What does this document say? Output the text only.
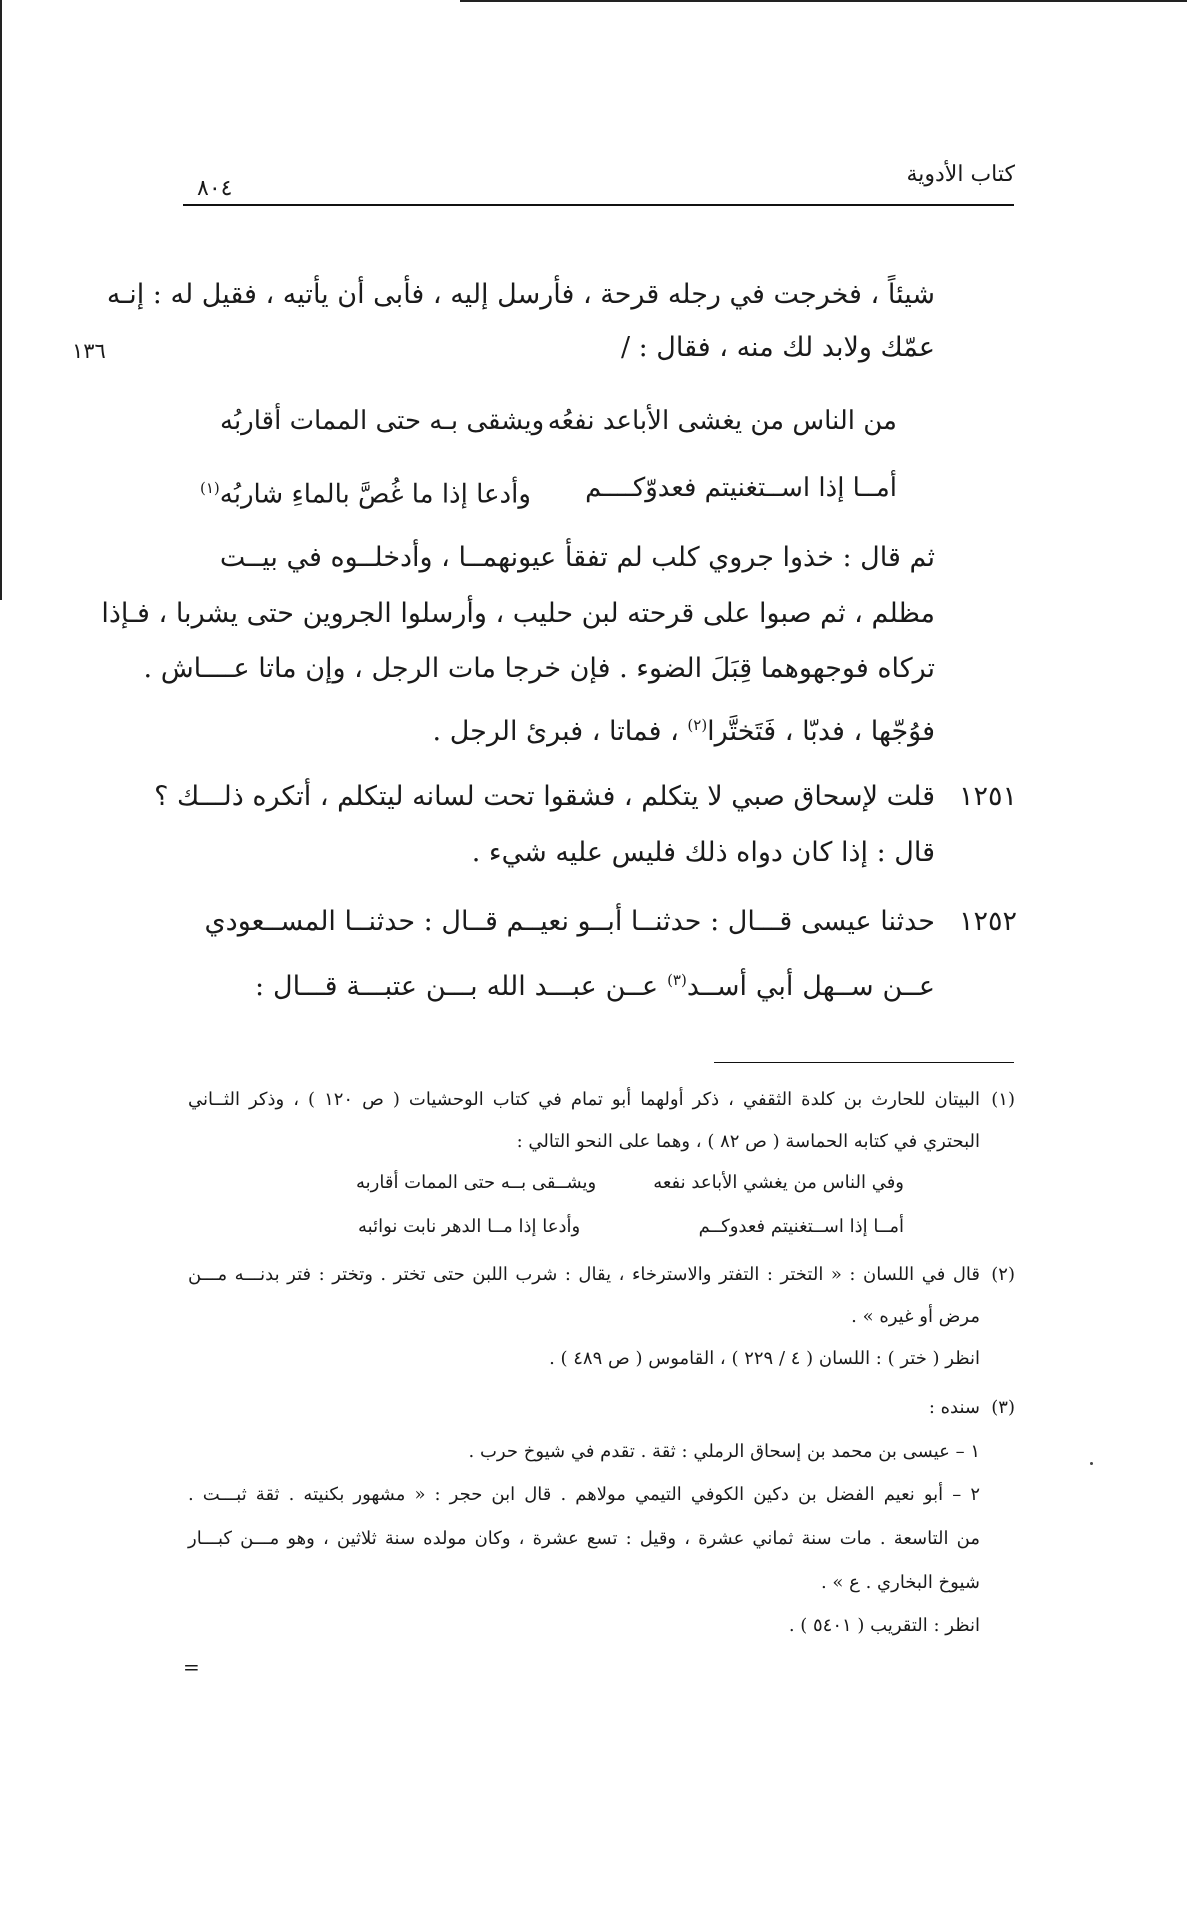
كتاب الأدوية
٨٠٤
١٣٦
شيئاً ، فخرجت في رجله قرحة ، فأرسل إليه ، فأبى أن يأتيه ، فقيل له : إنـه
عمّك ولابد لك منه ، فقال : /
من الناس من يغشى الأباعد نفعُه
ويشقى بـه حتى الممات أقاربُه
أمــا إذا اســتغنيتم فعدوّكــــم
وأدعا إذا ما غُصَّ بالماءِ شاربُه$^{(١)}$
ثم قال : خذوا جروي كلب لم تفقأ عيونهمــا ، وأدخلــوه في بيــت
مظلم ، ثم صبوا على قرحته لبن حليب ، وأرسلوا الجروين حتى يشربا ، فـإذا
تركاه فوجهوهما قِبَلَ الضوء . فإن خرجا مات الرجل ، وإن ماتا عــــاش .
فوُجّها ، فدبّا ، فَتَختَّرا$^{(٢)}$ ، فماتا ، فبرئ الرجل .
١٢٥١
قلت لإسحاق صبي لا يتكلم ، فشقوا تحت لسانه ليتكلم ، أتكره ذلـــك ؟
قال : إذا كان دواه ذلك فليس عليه شيء .
١٢٥٢
حدثنا عيسى قـــال : حدثنــا أبــو نعيــم قــال : حدثنــا المســعودي
عــن ســهل أبي أســد$^{(٣)}$ عــن عبـــد الله بـــن عتبـــة قـــال :
(١)
البيتان للحارث بن كلدة الثقفي ، ذكر أولهما أبو تمام في كتاب الوحشيات ( ص ١٢٠ ) ، وذكر الثــاني
البحتري في كتابه الحماسة ( ص ٨٢ ) ، وهما على النحو التالي :
وفي الناس من يغشي الأباعد نفعه
ويشــقى بــه حتى الممات أقاربه
أمــا إذا اســتغنيتم فعدوكــم
وأدعا إذا مــا الدهر نابت نوائبه
(٢)
قال في اللسان : « التختر : التفتر والاسترخاء ، يقال : شرب اللبن حتى تختر . وتختر : فتر بدنـــه مـــن
مرض أو غيره » .
انظر ( ختر ) : اللسان ( ٤ / ٢٢٩ ) ، القاموس ( ص ٤٨٩ ) .
(٣)
سنده :
١ – عيسى بن محمد بن إسحاق الرملي : ثقة . تقدم في شيوخ حرب .
٢ – أبو نعيم الفضل بن دكين الكوفي التيمي مولاهم . قال ابن حجر : « مشهور بكنيته . ثقة ثبـــت .
من التاسعة . مات سنة ثماني عشرة ، وقيل : تسع عشرة ، وكان مولده سنة ثلاثين ، وهو مـــن كبـــار
شيوخ البخاري . ع » .
انظر : التقريب ( ٥٤٠١ ) .
=
